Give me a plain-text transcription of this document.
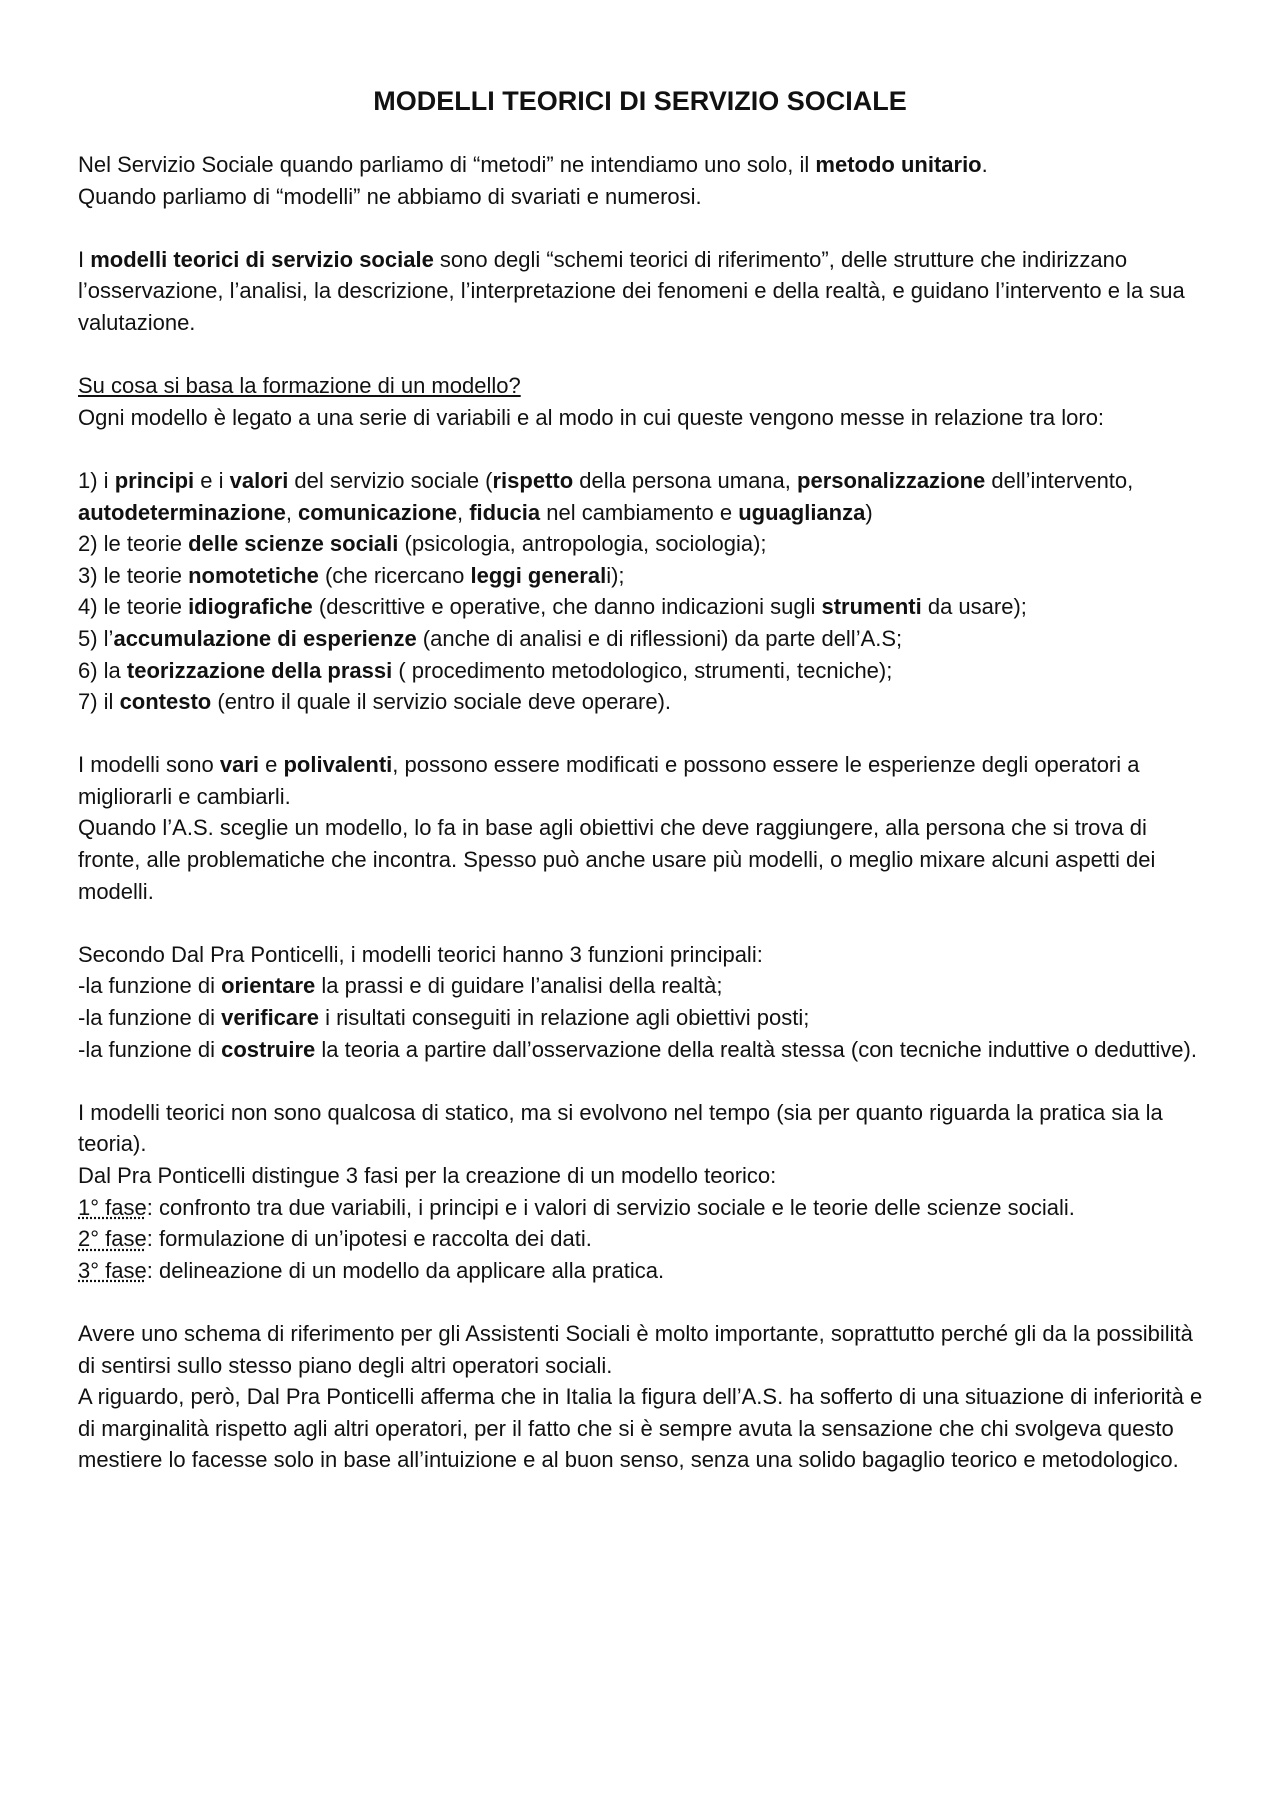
MODELLI TEORICI DI SERVIZIO SOCIALE

Nel Servizio Sociale quando parliamo di “metodi” ne intendiamo uno solo, il metodo unitario.

Quando parliamo di “modelli” ne abbiamo di svariati e numerosi.

I modelli teorici di servizio sociale sono degli “schemi teorici di riferimento”, delle strutture che indirizzano l’osservazione, l’analisi, la descrizione, l’interpretazione dei fenomeni e della realtà, e guidano l’intervento e la sua valutazione.

Su cosa si basa la formazione di un modello?

Ogni modello è legato a una serie di variabili e al modo in cui queste vengono messe in relazione tra loro:

1) i principi e i valori del servizio sociale (rispetto della persona umana, personalizzazione dell’intervento, autodeterminazione, comunicazione, fiducia nel cambiamento e uguaglianza)

2) le teorie delle scienze sociali (psicologia, antropologia, sociologia);

3) le teorie nomotetiche (che ricercano leggi generali);

4) le teorie idiografiche (descrittive e operative, che danno indicazioni sugli strumenti da usare);

5) l’accumulazione di esperienze (anche di analisi e di riflessioni) da parte dell’A.S;

6) la teorizzazione della prassi ( procedimento metodologico, strumenti, tecniche);

7) il contesto (entro il quale il servizio sociale deve operare).

I modelli sono vari e polivalenti, possono essere modificati e possono essere le esperienze degli operatori a migliorarli e cambiarli.

Quando l’A.S. sceglie un modello, lo fa in base agli obiettivi che deve raggiungere, alla persona che si trova di fronte, alle problematiche che incontra. Spesso può anche usare più modelli, o meglio mixare alcuni aspetti dei modelli.

Secondo Dal Pra Ponticelli, i modelli teorici hanno 3 funzioni principali:

-la funzione di orientare la prassi e di guidare l’analisi della realtà;

-la funzione di verificare i risultati conseguiti in relazione agli obiettivi posti;

-la funzione di costruire la teoria a partire dall’osservazione della realtà stessa (con tecniche induttive o deduttive).

I modelli teorici non sono qualcosa di statico, ma si evolvono nel tempo (sia per quanto riguarda la pratica sia la teoria).

Dal Pra Ponticelli distingue 3 fasi per la creazione di un modello teorico:

1° fase: confronto tra due variabili, i principi e i valori di servizio sociale e le teorie delle scienze sociali.

2° fase: formulazione di un’ipotesi e raccolta dei dati.

3° fase: delineazione di un modello da applicare alla pratica.

Avere uno schema di riferimento per gli Assistenti Sociali è molto importante, soprattutto perché gli da la possibilità di sentirsi sullo stesso piano degli altri operatori sociali.

A riguardo, però, Dal Pra Ponticelli afferma che in Italia la figura dell’A.S. ha sofferto di una situazione di inferiorità e di marginalità rispetto agli altri operatori, per il fatto che si è sempre avuta la sensazione che chi svolgeva questo mestiere lo facesse solo in base all’intuizione e al buon senso, senza una solido bagaglio teorico e metodologico.
